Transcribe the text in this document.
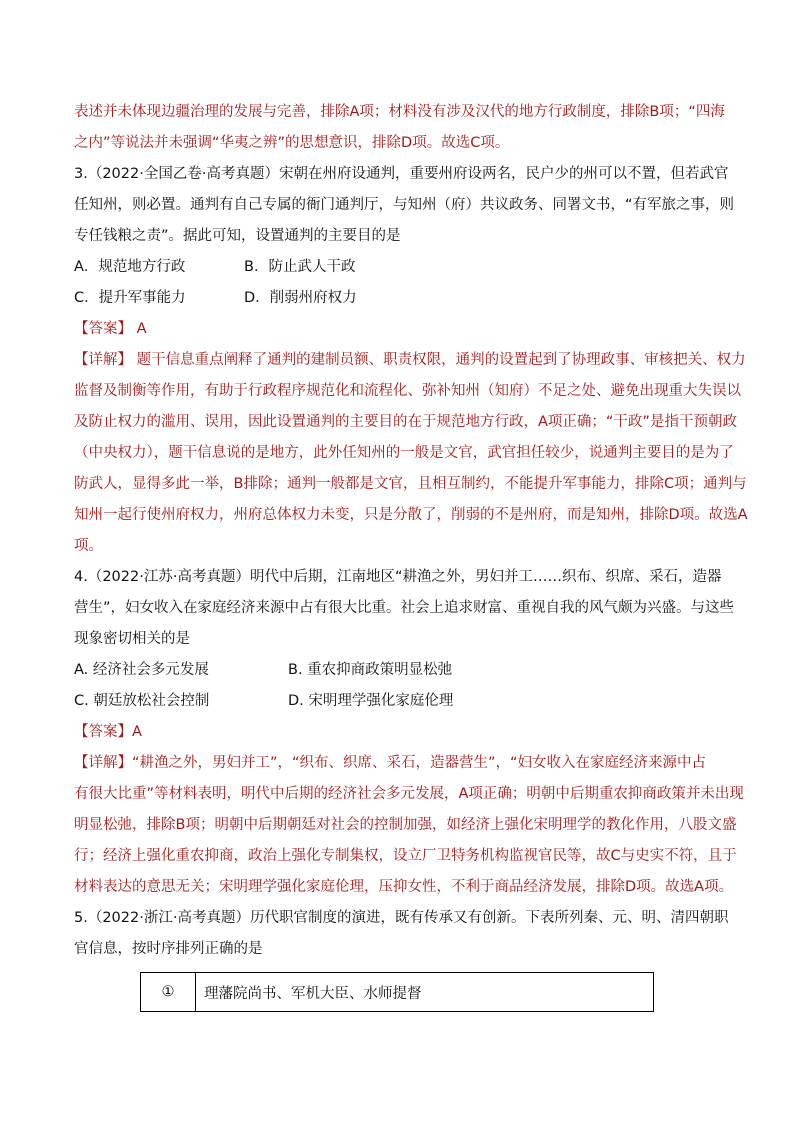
表述并未体现边疆治理的发展与完善，排除A项；材料没有涉及汉代的地方行政制度，排除B项；“四海
之内”等说法并未强调“华夷之辨”的思想意识，排除D项。故选C项。
3.（2022·全国乙卷·高考真题）宋朝在州府设通判，重要州府设两名，民户少的州可以不置，但若武官
任知州，则必置。通判有自己专属的衙门通判厅，与知州（府）共议政务、同署文书，“有军旅之事，则
专任钱粮之责”。据此可知，设置通判的主要目的是
【答案】 A
【详解】 题干信息重点阐释了通判的建制员额、职责权限，通判的设置起到了协理政事、审核把关、权力
监督及制衡等作用，有助于行政程序规范化和流程化、弥补知州（知府）不足之处、避免出现重大失误以
及防止权力的滥用、误用，因此设置通判的主要目的在于规范地方行政，A项正确；“干政”是指干预朝政
（中央权力），题干信息说的是地方，此外任知州的一般是文官，武官担任较少，说通判主要目的是为了
防武人，显得多此一举，B排除；通判一般都是文官，且相互制约，不能提升军事能力，排除C项；通判与
知州一起行使州府权力，州府总体权力未变，只是分散了，削弱的不是州府，而是知州，排除D项。故选A
项。
4.（2022·江苏·高考真题）明代中后期，江南地区“耕渔之外，男妇并工……织布、织席、采石，造器
营生”，妇女收入在家庭经济来源中占有很大比重。社会上追求财富、重视自我的风气颇为兴盛。与这些
现象密切相关的是
【答案】A
【详解】“耕渔之外，男妇并工”，“织布、织席、采石，造器营生”，“妇女收入在家庭经济来源中占
有很大比重”等材料表明，明代中后期的经济社会多元发展，A项正确；明朝中后期重农抑商政策并未出现
明显松弛，排除B项；明朝中后期朝廷对社会的控制加强，如经济上强化宋明理学的教化作用，八股文盛
行；经济上强化重农抑商，政治上强化专制集权，设立厂卫特务机构监视官民等，故C与史实不符，且于
材料表达的意思无关；宋明理学强化家庭伦理，压抑女性，不利于商品经济发展，排除D项。故选A项。
5.（2022·浙江·高考真题）历代职官制度的演进，既有传承又有创新。下表所列秦、元、明、清四朝职
官信息，按时序排列正确的是
A．规范地方行政	B．防止武人干政
C．提升军事能力	D．削弱州府权力
A. 经济社会多元发展	B. 重农抑商政策明显松弛
C. 朝廷放松社会控制	D. 宋明理学强化家庭伦理
①	理藩院尚书、军机大臣、水师提督
